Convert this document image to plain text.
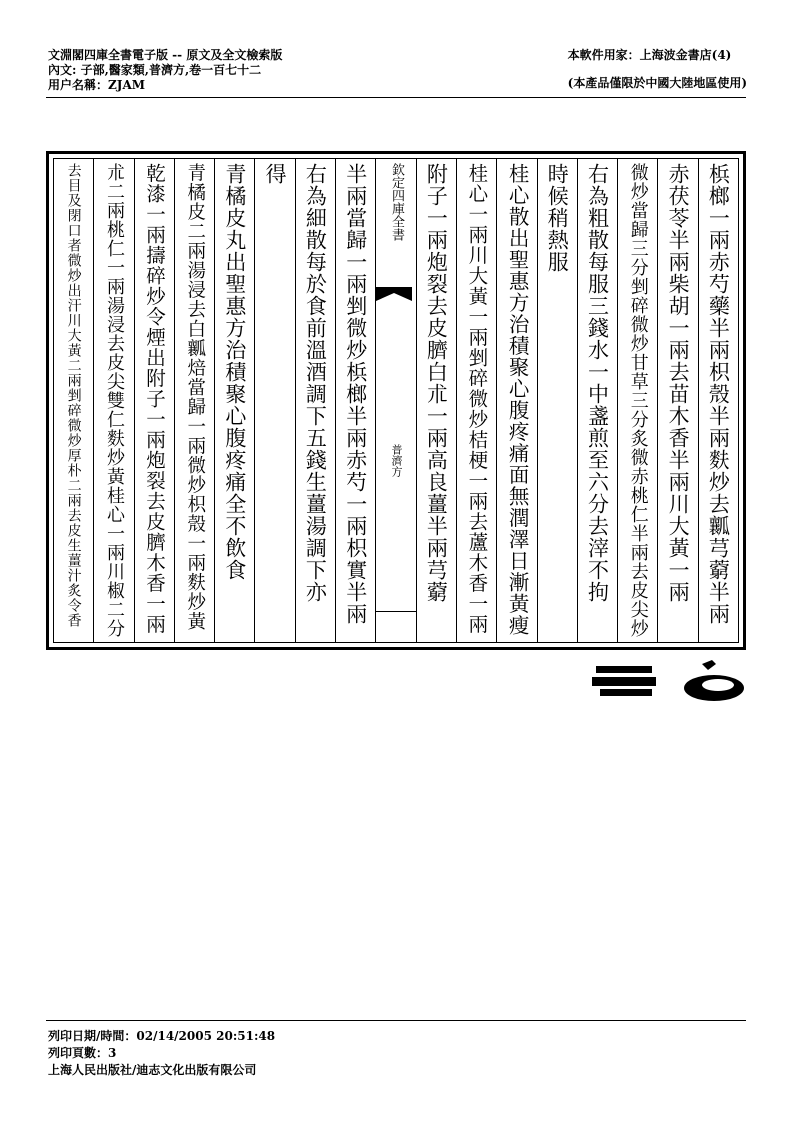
文淵閣四庫全書電子版 -- 原文及全文檢索版
內文: 子部,醫家類,普濟方,卷一百七十二
用户名稱：ZJAM
本軟件用家：上海波金書店(4)
(本產品僅限於中國大陸地區使用)
去目及閉口者微炒出汗川大黃二兩剉碎微炒厚朴二兩去皮生薑汁炙令香 朮二兩桃仁一兩湯浸去皮尖雙仁麩炒黃桂心一兩川椒二分 乾漆一兩擣碎炒令煙出附子一兩炮裂去皮臍木香一兩 青橘皮二兩湯浸去白瓤焙當歸一兩微炒枳殼一兩麩炒黃 青橘皮丸出聖惠方治積聚心腹疼痛全不飲食 得 右為細散每於食前溫酒調下五錢生薑湯調下亦 半兩當歸一兩剉微炒梹榔半兩赤芍一兩枳實半兩 欽定四庫全書
普濟方 附子一兩炮裂去皮臍白朮一兩高良薑半兩芎藭 桂心一兩川大黃一兩剉碎微炒桔梗一兩去蘆木香一兩 桂心散出聖惠方治積聚心腹疼痛面無潤澤日漸黃瘦 時候稍熱服 右為粗散每服三錢水一中盞煎至六分去滓不拘 微炒當歸三分剉碎微炒甘草三分炙微赤桃仁半兩去皮尖炒 赤茯苓半兩柴胡一兩去苗木香半兩川大黃一兩 梹榔一兩赤芍藥半兩枳殼半兩麩炒去瓤芎藭半兩
列印日期/時間：02/14/2005 20:51:48
列印頁數：3
上海人民出版社/迪志文化出版有限公司
